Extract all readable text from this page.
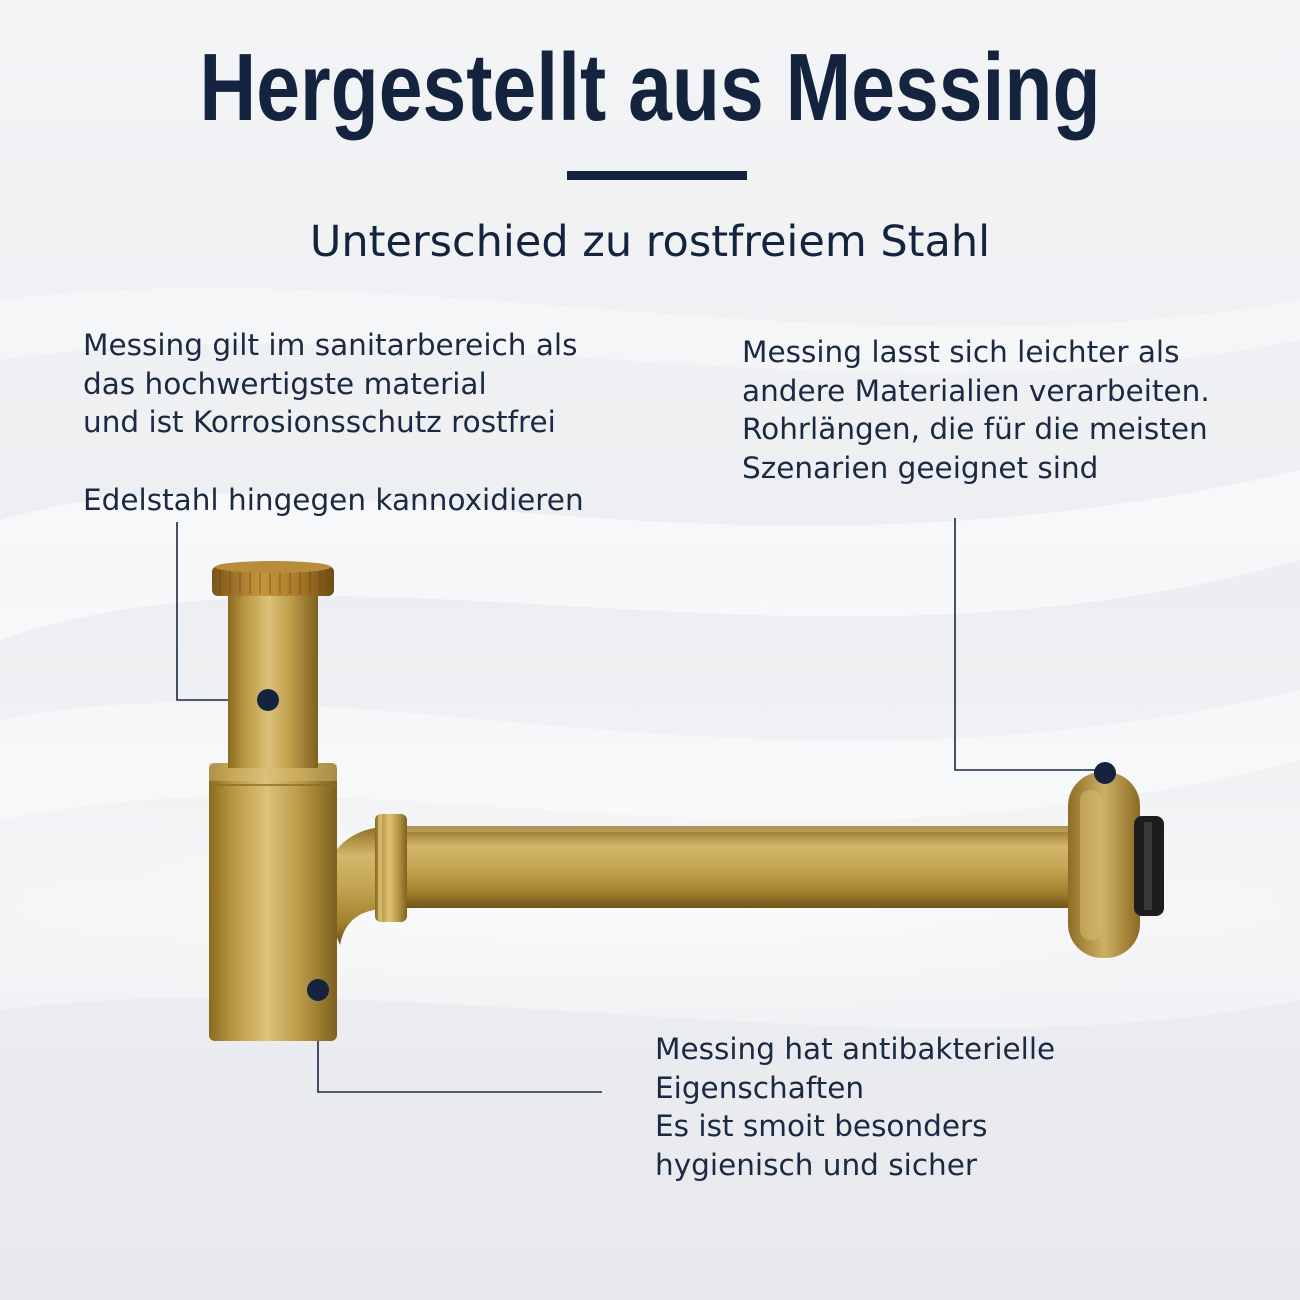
Hergestellt aus Messing
Unterschied zu rostfreiem Stahl
Messing gilt im sanitarbereich als
das hochwertigste material
und ist Korrosionsschutz rostfrei
Edelstahl hingegen kannoxidieren
Messing lasst sich leichter als
andere Materialien verarbeiten.
Rohrlängen, die für die meisten
Szenarien geeignet sind
Messing hat antibakterielle
Eigenschaften
Es ist smoit besonders
hygienisch und sicher
